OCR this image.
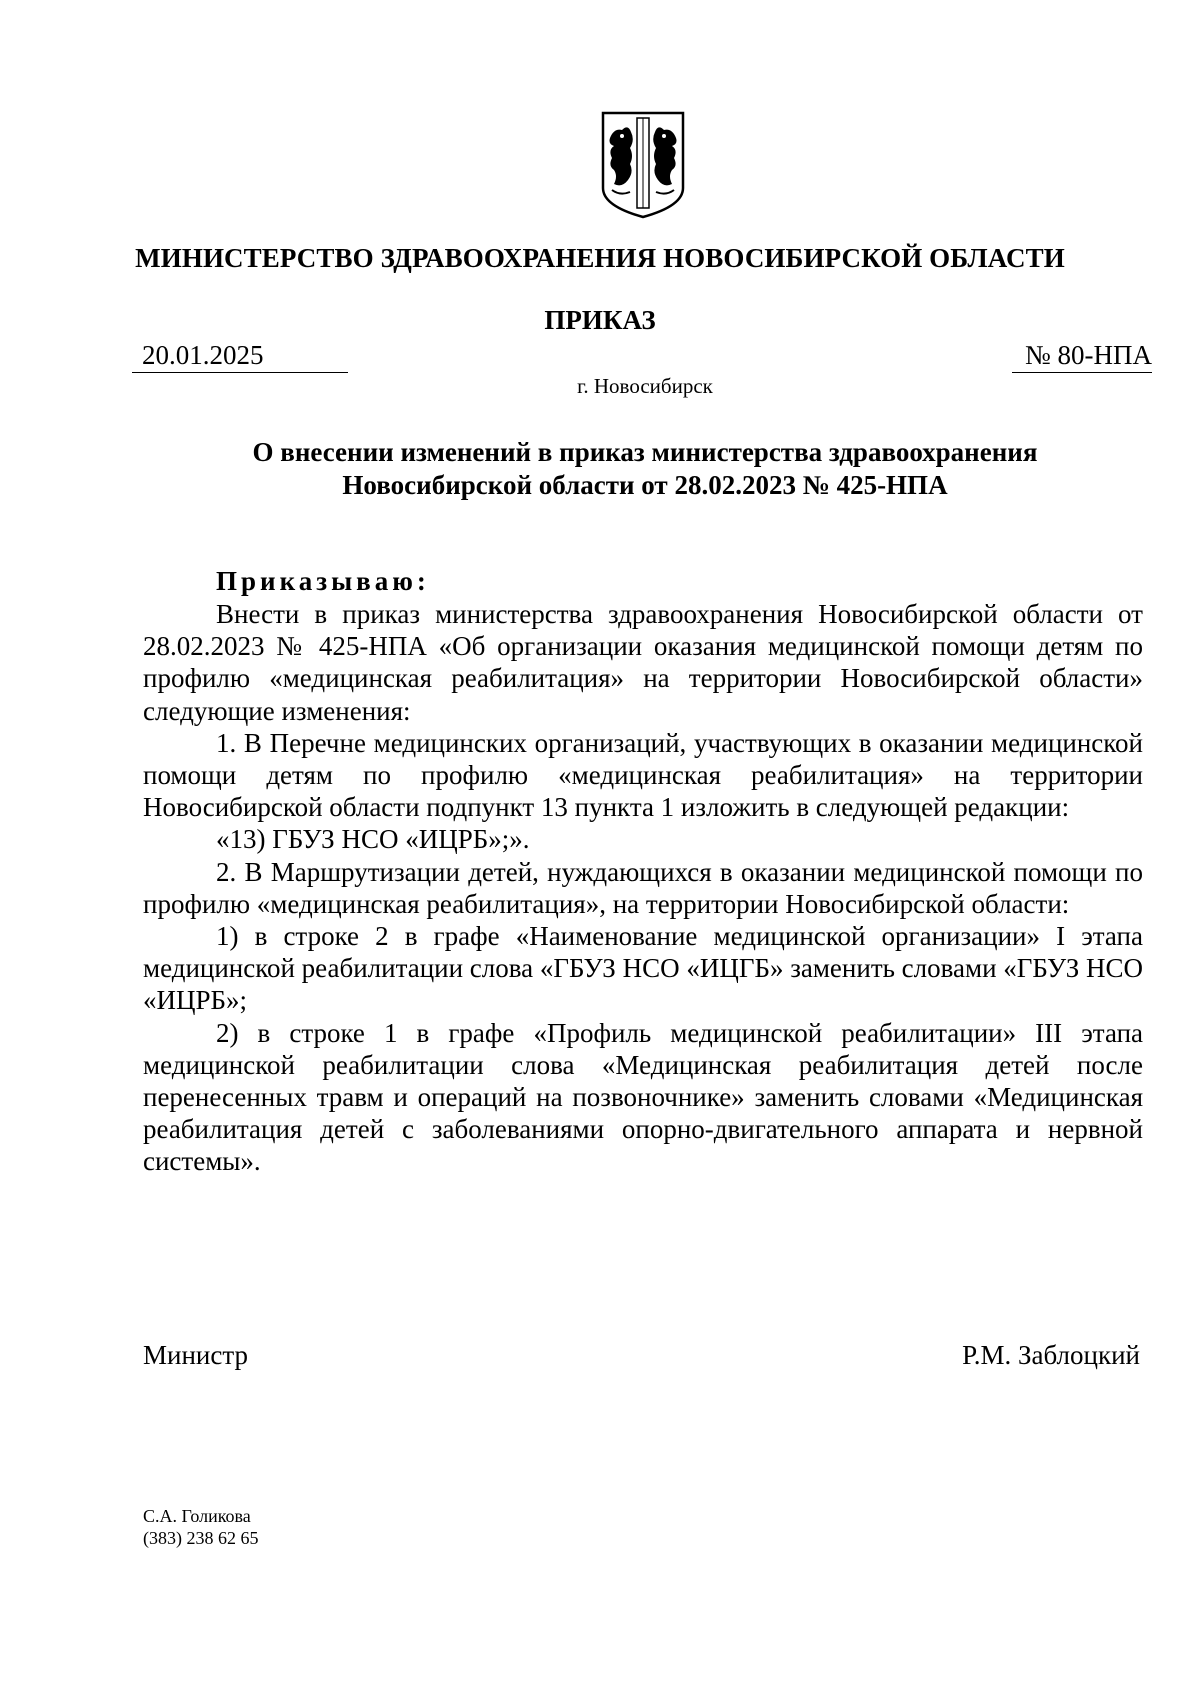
МИНИСТЕРСТВО ЗДРАВООХРАНЕНИЯ НОВОСИБИРСКОЙ ОБЛАСТИ
ПРИКАЗ
20.01.2025	№ 80-НПА
г. Новосибирск
О внесении изменений в приказ министерства здравоохранения
Новосибирской области от 28.02.2023 № 425-НПА
Приказываю:

Внести в приказ министерства здравоохранения Новосибирской области от 28.02.2023 № 425-НПА «Об организации оказания медицинской помощи детям по профилю «медицинская реабилитация» на территории Новосибирской области» следующие изменения:

1. В Перечне медицинских организаций, участвующих в оказании медицинской помощи детям по профилю «медицинская реабилитация» на территории Новосибирской области подпункт 13 пункта 1 изложить в следующей редакции:

«13) ГБУЗ НСО «ИЦРБ»;».

2. В Маршрутизации детей, нуждающихся в оказании медицинской помощи по профилю «медицинская реабилитация», на территории Новосибирской области:

1) в строке 2 в графе «Наименование медицинской организации» I этапа медицинской реабилитации слова «ГБУЗ НСО «ИЦГБ» заменить словами «ГБУЗ НСО «ИЦРБ»;

2) в строке 1 в графе «Профиль медицинской реабилитации» III этапа медицинской реабилитации слова «Медицинская реабилитация детей после перенесенных травм и операций на позвоночнике» заменить словами «Медицинская реабилитация детей с заболеваниями опорно-двигательного аппарата и нервной системы».

Министр	Р.М. Заблоцкий
С.А. Голикова
(383) 238 62 65
